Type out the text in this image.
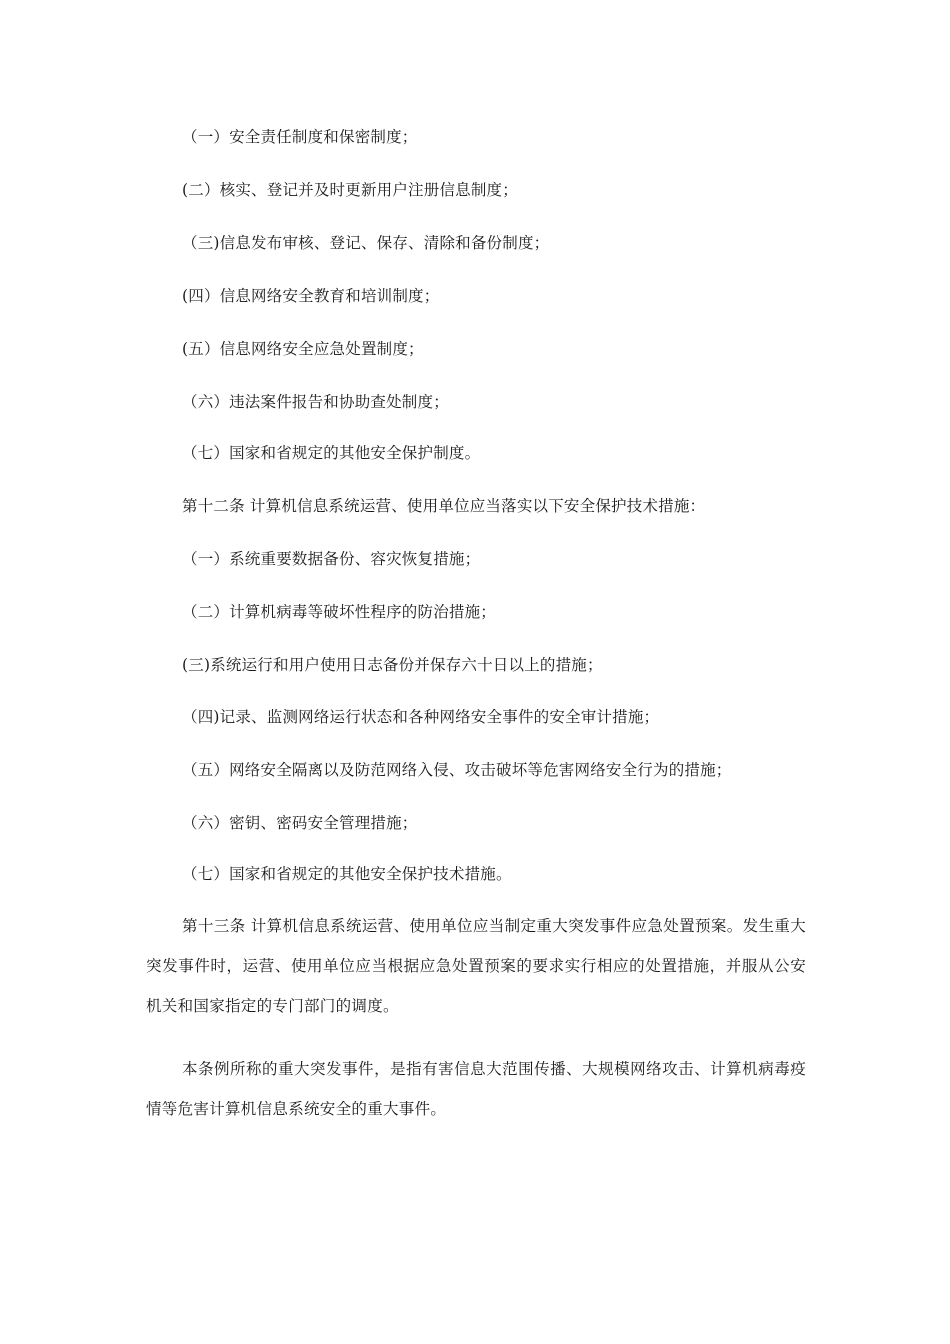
（一）安全责任制度和保密制度；
(二）核实、登记并及时更新用户注册信息制度；
（三)信息发布审核、登记、保存、清除和备份制度；
(四）信息网络安全教育和培训制度；
(五）信息网络安全应急处置制度；
（六）违法案件报告和协助查处制度；
（七）国家和省规定的其他安全保护制度。
第十二条 计算机信息系统运营、使用单位应当落实以下安全保护技术措施：
（一）系统重要数据备份、容灾恢复措施；
（二）计算机病毒等破坏性程序的防治措施；
(三)系统运行和用户使用日志备份并保存六十日以上的措施；
（四)记录、监测网络运行状态和各种网络安全事件的安全审计措施；
（五）网络安全隔离以及防范网络入侵、攻击破坏等危害网络安全行为的措施；
（六）密钥、密码安全管理措施；
（七）国家和省规定的其他安全保护技术措施。
第十三条 计算机信息系统运营、使用单位应当制定重大突发事件应急处置预案。发生重大突发事件时，运营、使用单位应当根据应急处置预案的要求实行相应的处置措施，并服从公安机关和国家指定的专门部门的调度。
本条例所称的重大突发事件，是指有害信息大范围传播、大规模网络攻击、计算机病毒疫情等危害计算机信息系统安全的重大事件。
